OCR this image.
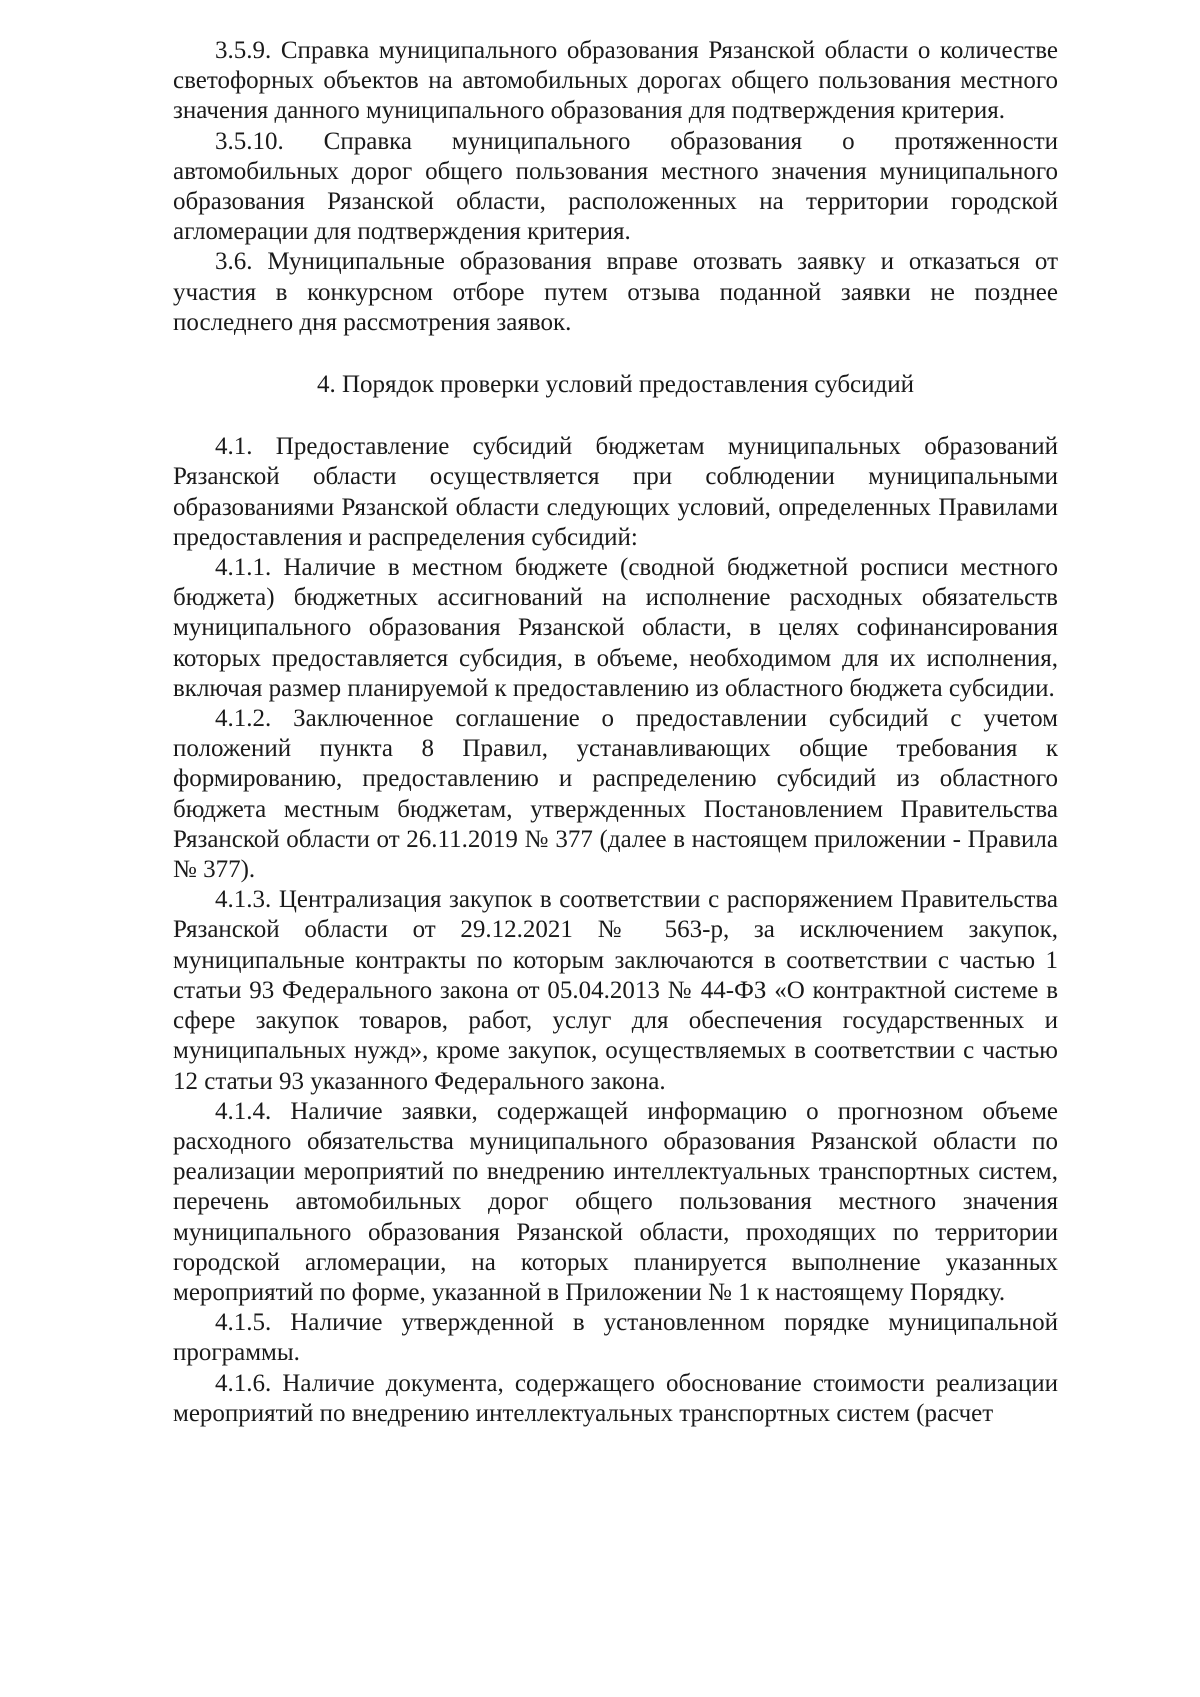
3.5.9. Справка муниципального образования Рязанской области о количестве светофорных объектов на автомобильных дорогах общего пользования местного значения данного муниципального образования для подтверждения критерия.

3.5.10. Справка муниципального образования о протяженности автомобильных дорог общего пользования местного значения муниципального образования Рязанской области, расположенных на территории городской агломерации для подтверждения критерия.

3.6. Муниципальные образования вправе отозвать заявку и отказаться от участия в конкурсном отборе путем отзыва поданной заявки не позднее последнего дня рассмотрения заявок.

4. Порядок проверки условий предоставления субсидий

4.1. Предоставление субсидий бюджетам муниципальных образований Рязанской области осуществляется при соблюдении муниципальными образованиями Рязанской области следующих условий, определенных Правилами предоставления и распределения субсидий:

4.1.1. Наличие в местном бюджете (сводной бюджетной росписи местного бюджета) бюджетных ассигнований на исполнение расходных обязательств муниципального образования Рязанской области, в целях софинансирования которых предоставляется субсидия, в объеме, необходимом для их исполнения, включая размер планируемой к предоставлению из областного бюджета субсидии.

4.1.2. Заключенное соглашение о предоставлении субсидий с учетом положений пункта 8 Правил, устанавливающих общие требования к формированию, предоставлению и распределению субсидий из областного бюджета местным бюджетам, утвержденных Постановлением Правительства Рязанской области от 26.11.2019 № 377 (далее в настоящем приложении - Правила № 377).

4.1.3. Централизация закупок в соответствии с распоряжением Правительства Рязанской области от 29.12.2021 № 563-р, за исключением закупок, муниципальные контракты по которым заключаются в соответствии с частью 1 статьи 93 Федерального закона от 05.04.2013 № 44-ФЗ «О контрактной системе в сфере закупок товаров, работ, услуг для обеспечения государственных и муниципальных нужд», кроме закупок, осуществляемых в соответствии с частью 12 статьи 93 указанного Федерального закона.

4.1.4. Наличие заявки, содержащей информацию о прогнозном объеме расходного обязательства муниципального образования Рязанской области по реализации мероприятий по внедрению интеллектуальных транспортных систем, перечень автомобильных дорог общего пользования местного значения муниципального образования Рязанской области, проходящих по территории городской агломерации, на которых планируется выполнение указанных мероприятий по форме, указанной в Приложении № 1 к настоящему Порядку.

4.1.5. Наличие утвержденной в установленном порядке муниципальной программы.

4.1.6. Наличие документа, содержащего обоснование стоимости реализации мероприятий по внедрению интеллектуальных транспортных систем (расчет
